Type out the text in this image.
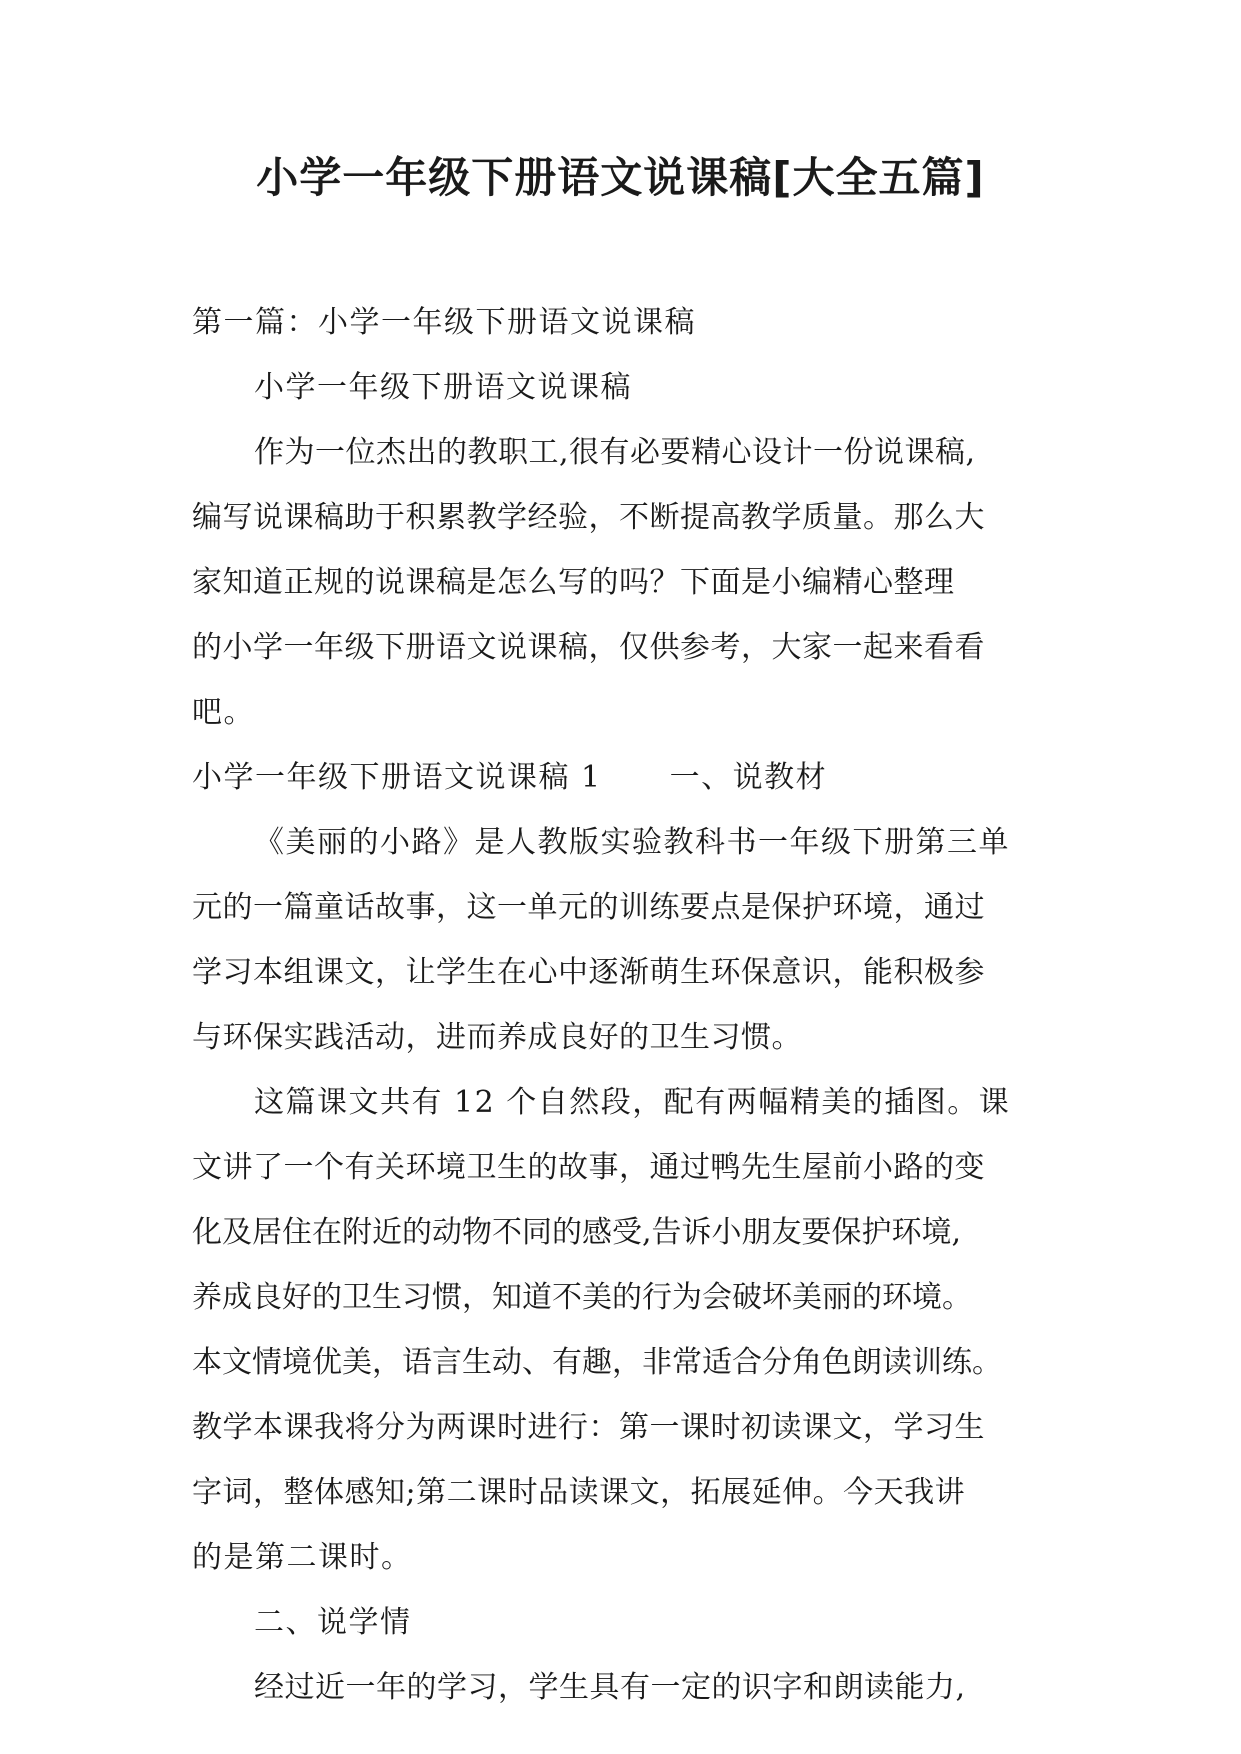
小学一年级下册语文说课稿[大全五篇]
第一篇：小学一年级下册语文说课稿
小学一年级下册语文说课稿
作为一位杰出的教职工,很有必要精心设计一份说课稿,
编写说课稿助于积累教学经验，不断提高教学质量。那么大
家知道正规的说课稿是怎么写的吗？下面是小编精心整理
的小学一年级下册语文说课稿，仅供参考，大家一起来看看
吧。
小学一年级下册语文说课稿 1 一、说教材
《美丽的小路》是人教版实验教科书一年级下册第三单
元的一篇童话故事，这一单元的训练要点是保护环境，通过
学习本组课文，让学生在心中逐渐萌生环保意识，能积极参
与环保实践活动，进而养成良好的卫生习惯。
这篇课文共有 12 个自然段，配有两幅精美的插图。课
文讲了一个有关环境卫生的故事，通过鸭先生屋前小路的变
化及居住在附近的动物不同的感受,告诉小朋友要保护环境,
养成良好的卫生习惯，知道不美的行为会破坏美丽的环境。
本文情境优美，语言生动、有趣，非常适合分角色朗读训练。
教学本课我将分为两课时进行：第一课时初读课文，学习生
字词，整体感知;第二课时品读课文，拓展延伸。今天我讲
的是第二课时。
二、说学情
经过近一年的学习，学生具有一定的识字和朗读能力,
